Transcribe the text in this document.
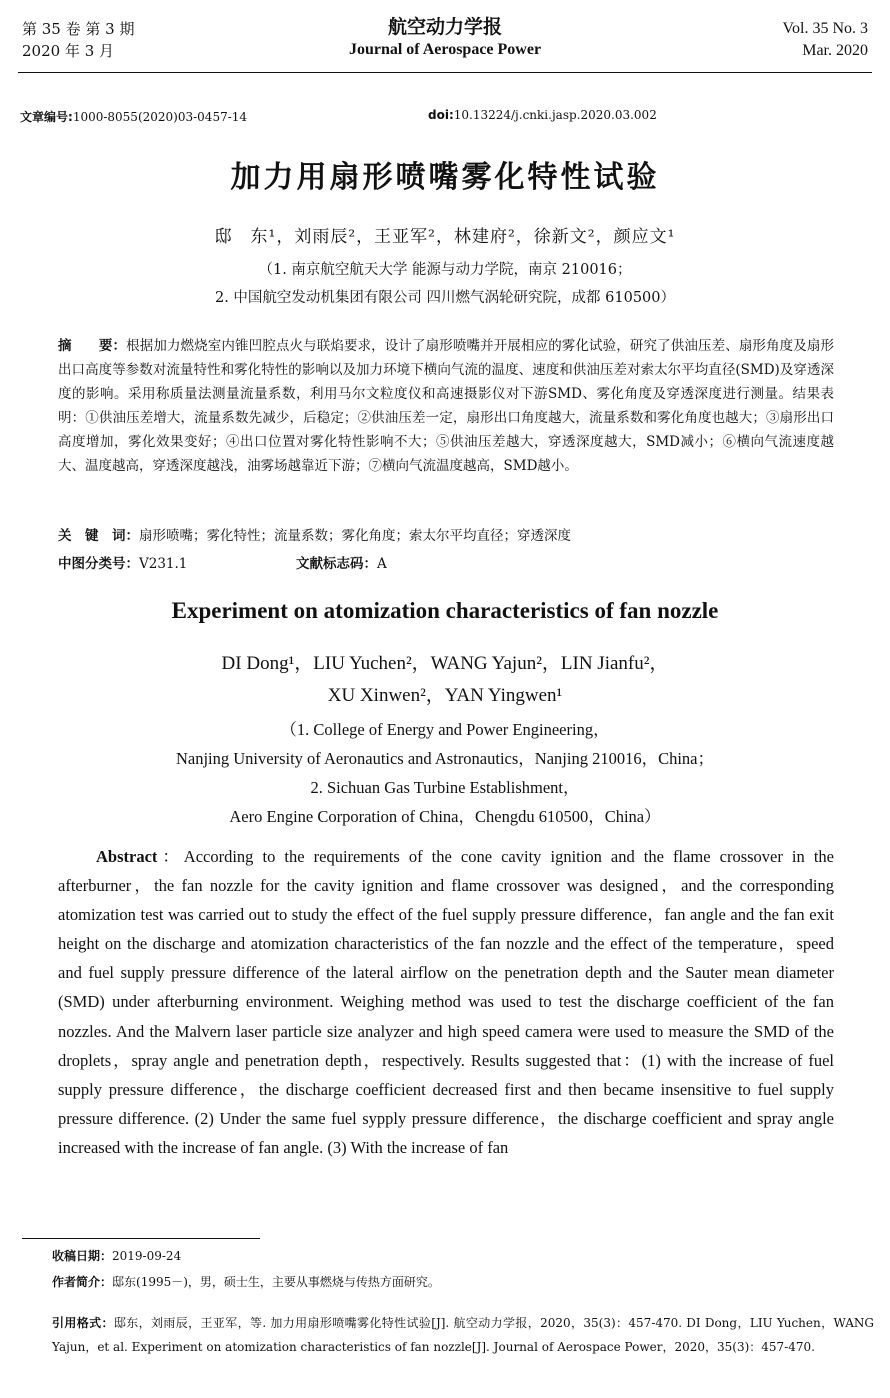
第 35 卷 第 3 期
2020 年 3 月
航空动力学报
Journal of Aerospace Power
Vol. 35 No. 3
Mar. 2020
文章编号:1000-8055(2020)03-0457-14	doi:10.13224/j.cnki.jasp.2020.03.002
加力用扇形喷嘴雾化特性试验
邸　东¹，刘雨辰²，王亚军²，林建府²，徐新文²，颜应文¹
（1. 南京航空航天大学 能源与动力学院，南京 210016；
2. 中国航空发动机集团有限公司 四川燃气涡轮研究院，成都 610500）
摘　　要：根据加力燃烧室内锥凹腔点火与联焰要求，设计了扇形喷嘴并开展相应的雾化试验，研究了供油压差、扇形角度及扇形出口高度等参数对流量特性和雾化特性的影响以及加力环境下横向气流的温度、速度和供油压差对索太尔平均直径(SMD)及穿透深度的影响。采用称质量法测量流量系数，利用马尔文粒度仪和高速摄影仪对下游SMD、雾化角度及穿透深度进行测量。结果表明：①供油压差增大，流量系数先减少，后稳定；②供油压差一定，扇形出口角度越大，流量系数和雾化角度也越大；③扇形出口高度增加，雾化效果变好；④出口位置对雾化特性影响不大；⑤供油压差越大，穿透深度越大，SMD减小；⑥横向气流速度越大、温度越高，穿透深度越浅，油雾场越靠近下游；⑦横向气流温度越高，SMD越小。
关　键　词：扇形喷嘴；雾化特性；流量系数；雾化角度；索太尔平均直径；穿透深度
中图分类号：V231.1	文献标志码：A
Experiment on atomization characteristics of fan nozzle
DI Dong¹，LIU Yuchen²，WANG Yajun²，LIN Jianfu²，
XU Xinwen²，YAN Yingwen¹
（1. College of Energy and Power Engineering，
Nanjing University of Aeronautics and Astronautics，Nanjing 210016，China；
2. Sichuan Gas Turbine Establishment，
Aero Engine Corporation of China，Chengdu 610500，China）
Abstract：According to the requirements of the cone cavity ignition and the flame crossover in the afterburner，the fan nozzle for the cavity ignition and flame crossover was designed，and the corresponding atomization test was carried out to study the effect of the fuel supply pressure difference，fan angle and the fan exit height on the discharge and atomization characteristics of the fan nozzle and the effect of the temperature，speed and fuel supply pressure difference of the lateral airflow on the penetration depth and the Sauter mean diameter (SMD) under afterburning environment. Weighing method was used to test the discharge coefficient of the fan nozzles. And the Malvern laser particle size analyzer and high speed camera were used to measure the SMD of the droplets，spray angle and penetration depth，respectively. Results suggested that：(1) with the increase of fuel supply pressure difference，the discharge coefficient decreased first and then became insensitive to fuel supply pressure difference. (2) Under the same fuel sypply pressure difference，the discharge coefficient and spray angle increased with the increase of fan angle. (3) With the increase of fan
收稿日期：2019-09-24
作者简介：邸东(1995－)，男，硕士生，主要从事燃烧与传热方面研究。
引用格式：邸东，刘雨辰，王亚军，等. 加力用扇形喷嘴雾化特性试验[J]. 航空动力学报，2020，35(3)：457-470. DI Dong，LIU Yuchen，WANG Yajun，et al. Experiment on atomization characteristics of fan nozzle[J]. Journal of Aerospace Power，2020，35(3)：457-470.
